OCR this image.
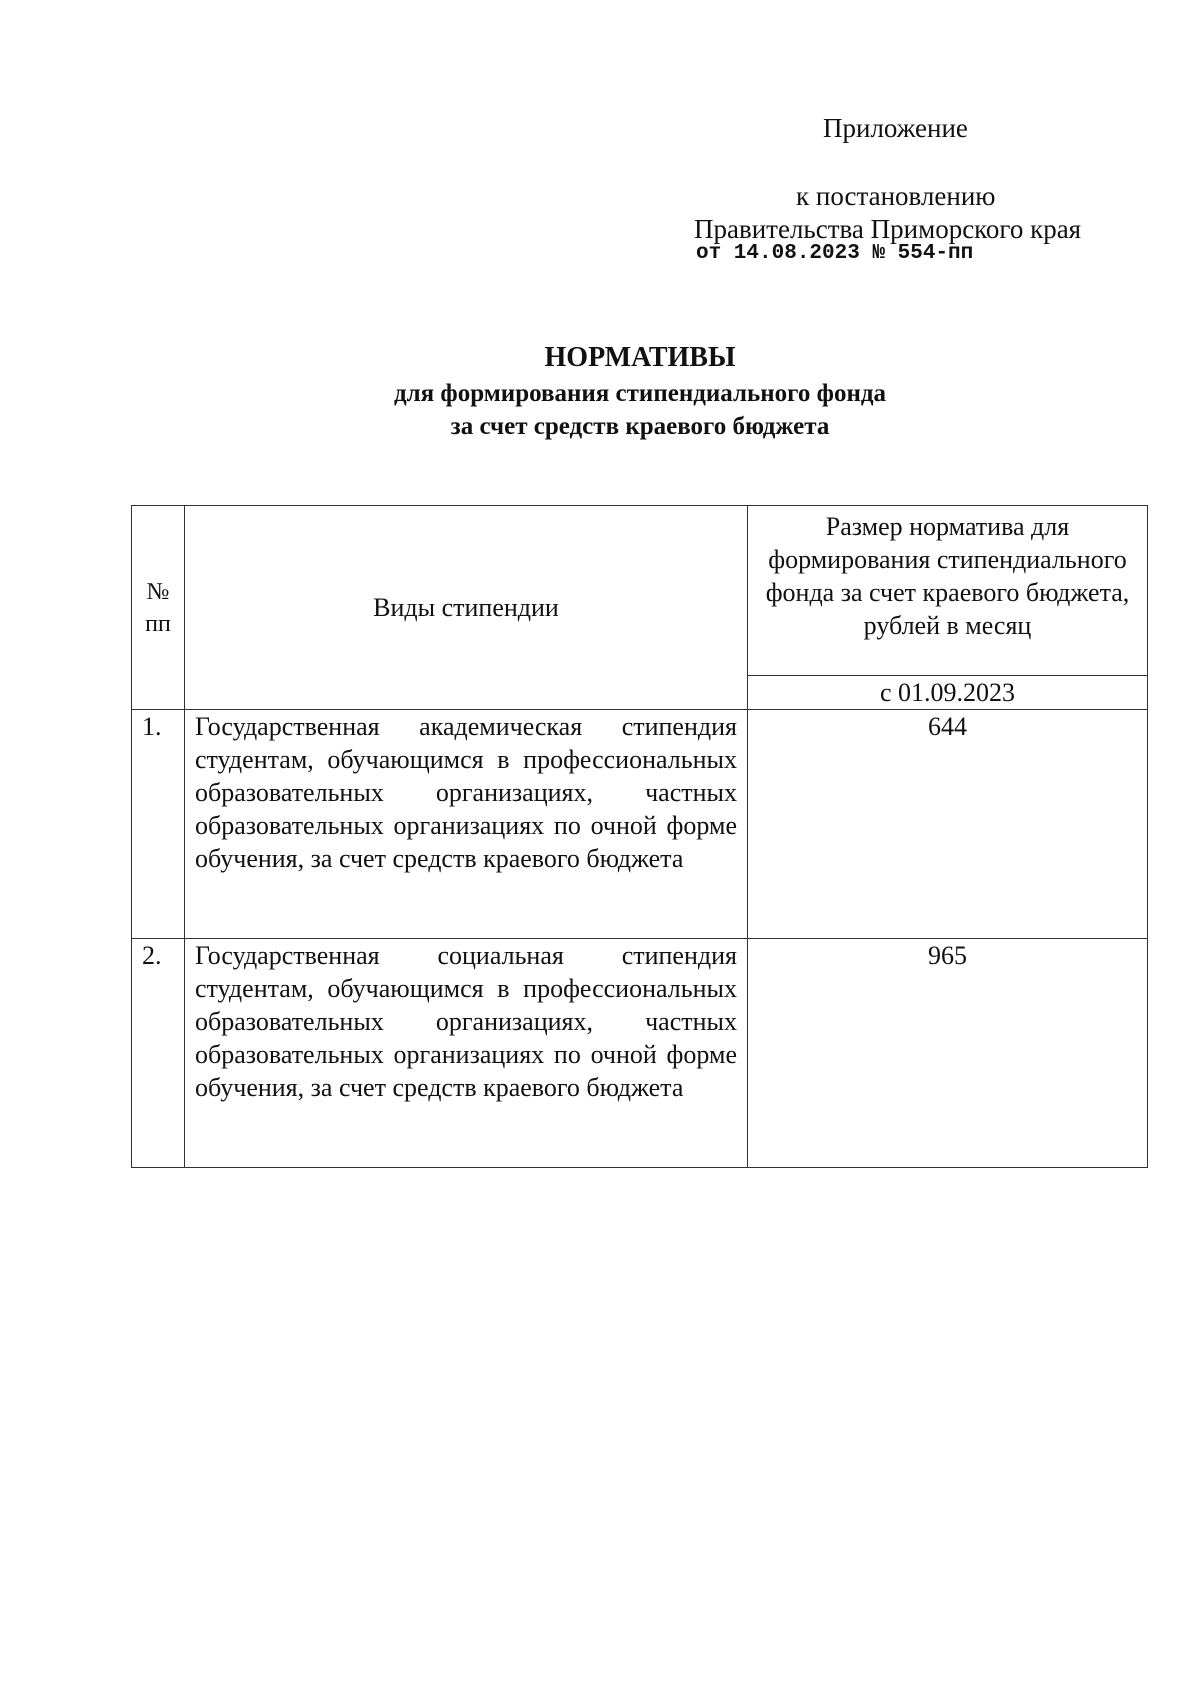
Приложение
к постановлению
Правительства Приморского края
от 14.08.2023 № 554-пп
НОРМАТИВЫ
для формирования стипендиального фонда
за счет средств краевого бюджета
№ пп	Виды стипендии	Размер норматива для формирования стипендиального фонда за счет краевого бюджета, рублей в месяц
		с 01.09.2023
1.	Государственная академическая стипендия студентам, обучающимся в профессиональных образовательных организациях, частных образовательных организациях по очной форме обучения, за счет средств краевого бюджета	644
2.	Государственная социальная стипендия студентам, обучающимся в профессиональных образовательных организациях, частных образовательных организациях по очной форме обучения, за счет средств краевого бюджета	965
